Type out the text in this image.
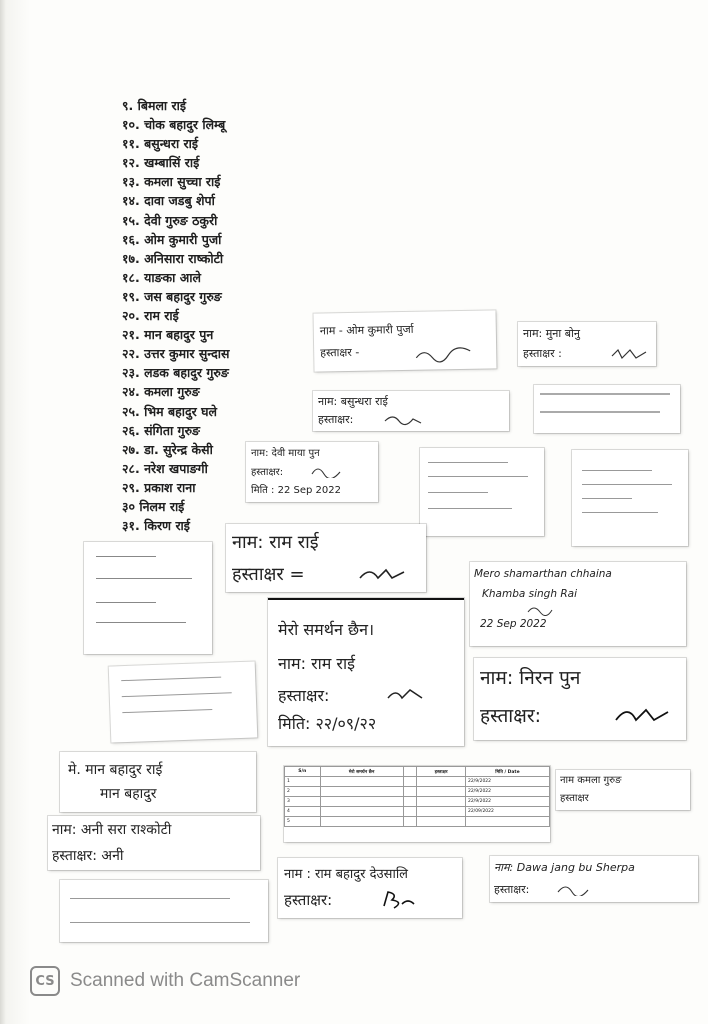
९. बिमला राई
१०. चोक बहादुर लिम्बू
११. बसुन्धरा राई
१२. खम्बासिं राई
१३. कमला सुच्चा राई
१४. दावा जडबु शेर्पा
१५. देवी गुरुङ ठकुरी
१६. ओम कुमारी पुर्जा
१७. अनिसारा राष्कोटी
१८. याङका आले
१९. जस बहादुर गुरुङ
२०. राम राई
२१. मान बहादुर पुन
२२. उत्तर कुमार सुन्दास
२३. लडक बहादुर गुरुङ
२४. कमला गुरुङ
२५. भिम बहादुर घले
२६. संगिता गुरुङ
२७. डा. सुरेन्द्र केसी
२८. नरेश खपाङगी
२९. प्रकाश राना
३० निलम राई
३१. किरण राई
नाम - ओम कुमारी पुर्जा
हस्ताक्षर -
नाम: मुना बोनु
हस्ताक्षर :
नाम: बसुन्धरा राई
हस्ताक्षर:
नाम: देवी माया पुन
हस्ताक्षर:
मिति : 22 Sep 2022
नाम: राम राई
हस्ताक्षर =	Mero shamarthan chhaina
Khamba singh Rai
22 Sep 2022
मेरो समर्थन छैन।
नाम: राम राई
हस्ताक्षर:
मिति: २२/०९/२२
नाम: निरन पुन
हस्ताक्षर:
मे. मान बहादुर राई
मान बहादुर
S/n	मेरो समर्थन छैन		हस्ताक्षर	मिति / Date
1				22/9/2022
2				22/9/2022
3				22/9/2022
4				22/09/2022
5				
नाम कमला गुरुङ
हस्ताक्षर
नाम: अनी सरा राश्कोटी
हस्ताक्षर: अनी
नाम : राम बहादुर देउसालि
हस्ताक्षर:
नाम: Dawa jang bu Sherpa
हस्ताक्षर:
CS Scanned with CamScanner
